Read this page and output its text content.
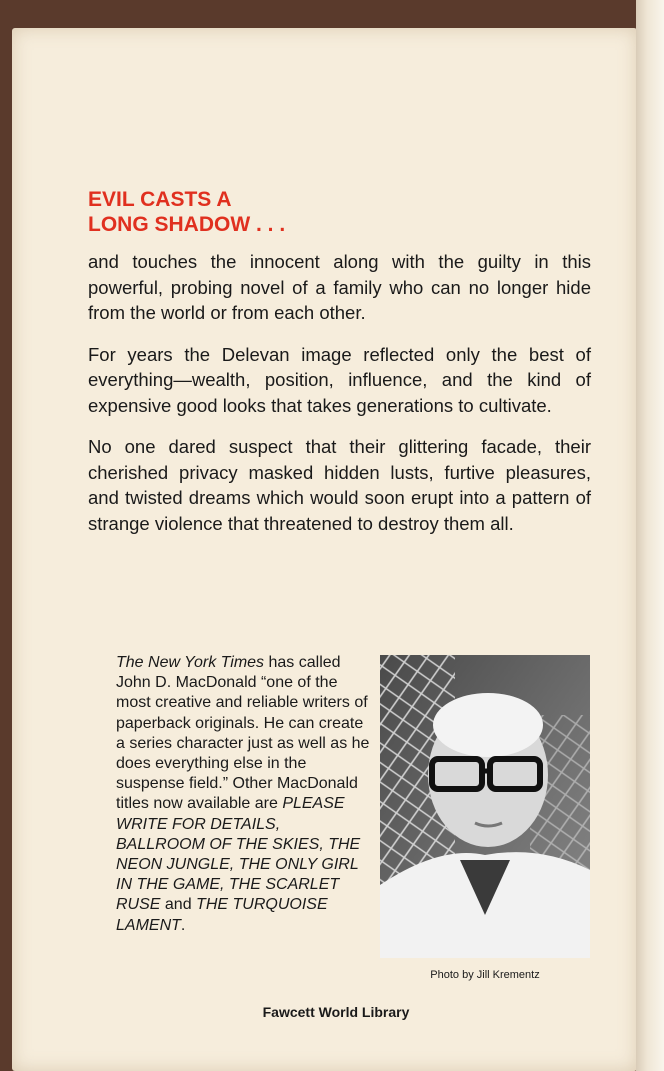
EVIL CASTS A
LONG SHADOW . . .

and touches the innocent along with the guilty in this powerful, probing novel of a family who can no longer hide from the world or from each other.

For years the Delevan image reflected only the best of everything—wealth, position, influence, and the kind of expensive good looks that takes generations to cultivate.

No one dared suspect that their glittering facade, their cherished privacy masked hidden lusts, furtive pleasures, and twisted dreams which would soon erupt into a pattern of strange violence that threatened to destroy them all.

The New York Times has called John D. MacDonald “one of the most creative and reliable writers of paperback originals. He can create a series character just as well as he does everything else in the suspense field.” Other MacDonald titles now available are PLEASE WRITE FOR DETAILS, BALLROOM OF THE SKIES, THE NEON JUNGLE, THE ONLY GIRL IN THE GAME, THE SCARLET RUSE and THE TURQUOISE LAMENT.
Photo by Jill Krementz
Fawcett World Library
